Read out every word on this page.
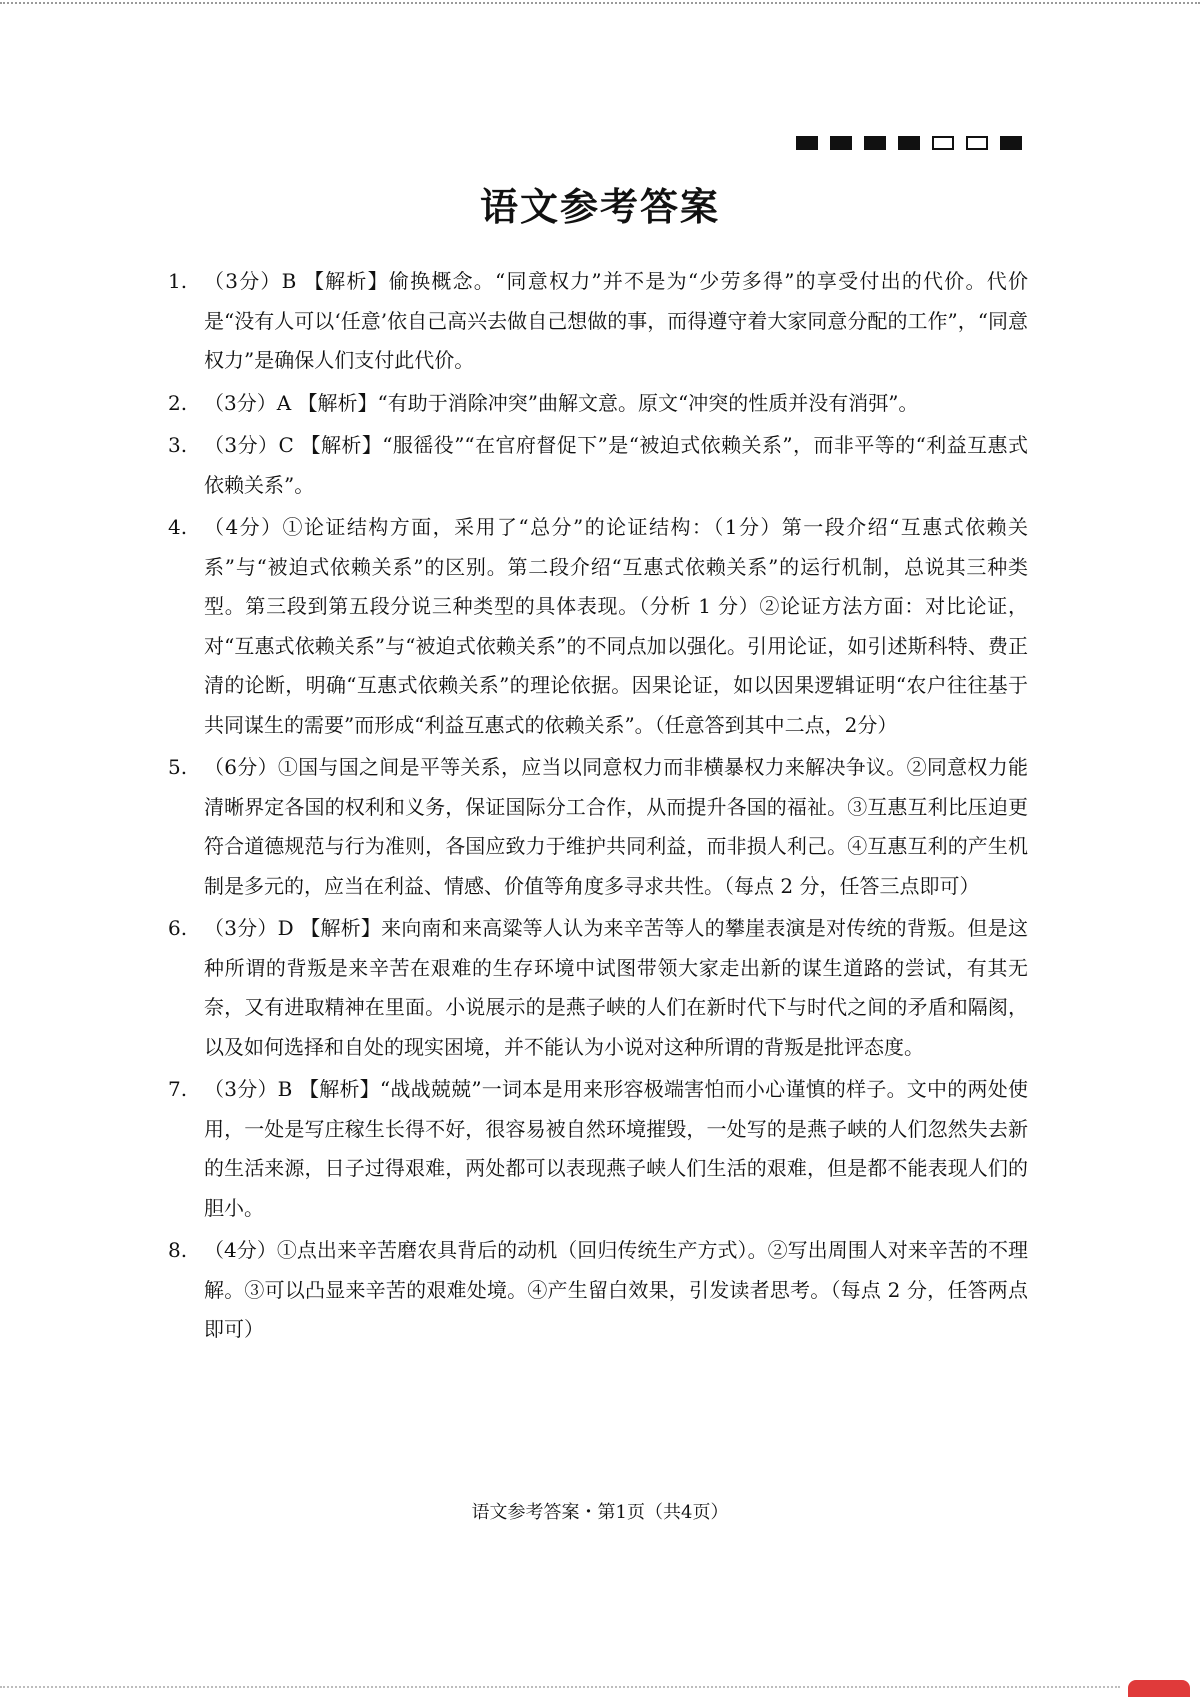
语文参考答案
1. （3分）B 【解析】偷换概念。“同意权力”并不是为“少劳多得”的享受付出的代价。代价是“没有人可以‘任意’依自己高兴去做自己想做的事，而得遵守着大家同意分配的工作”，“同意权力”是确保人们支付此代价。
2. （3分）A 【解析】“有助于消除冲突”曲解文意。原文“冲突的性质并没有消弭”。
3. （3分）C 【解析】“服徭役”“在官府督促下”是“被迫式依赖关系”，而非平等的“利益互惠式依赖关系”。
4. （4分）①论证结构方面，采用了“总分”的论证结构：（1分）第一段介绍“互惠式依赖关系”与“被迫式依赖关系”的区别。第二段介绍“互惠式依赖关系”的运行机制，总说其三种类型。第三段到第五段分说三种类型的具体表现。（分析 1 分）②论证方法方面：对比论证，对“互惠式依赖关系”与“被迫式依赖关系”的不同点加以强化。引用论证，如引述斯科特、费正清的论断，明确“互惠式依赖关系”的理论依据。因果论证，如以因果逻辑证明“农户往往基于共同谋生的需要”而形成“利益互惠式的依赖关系”。（任意答到其中二点，2分）
5. （6分）①国与国之间是平等关系，应当以同意权力而非横暴权力来解决争议。②同意权力能清晰界定各国的权利和义务，保证国际分工合作，从而提升各国的福祉。③互惠互利比压迫更符合道德规范与行为准则，各国应致力于维护共同利益，而非损人利己。④互惠互利的产生机制是多元的，应当在利益、情感、价值等角度多寻求共性。（每点 2 分，任答三点即可）
6. （3分）D 【解析】来向南和来高粱等人认为来辛苦等人的攀崖表演是对传统的背叛。但是这种所谓的背叛是来辛苦在艰难的生存环境中试图带领大家走出新的谋生道路的尝试，有其无奈，又有进取精神在里面。小说展示的是燕子峡的人们在新时代下与时代之间的矛盾和隔阂，以及如何选择和自处的现实困境，并不能认为小说对这种所谓的背叛是批评态度。
7. （3分）B 【解析】“战战兢兢”一词本是用来形容极端害怕而小心谨慎的样子。文中的两处使用，一处是写庄稼生长得不好，很容易被自然环境摧毁，一处写的是燕子峡的人们忽然失去新的生活来源，日子过得艰难，两处都可以表现燕子峡人们生活的艰难，但是都不能表现人们的胆小。
8. （4分）①点出来辛苦磨农具背后的动机（回归传统生产方式）。②写出周围人对来辛苦的不理解。③可以凸显来辛苦的艰难处境。④产生留白效果，引发读者思考。（每点 2 分，任答两点即可）
语文参考答案・第1页（共4页）
